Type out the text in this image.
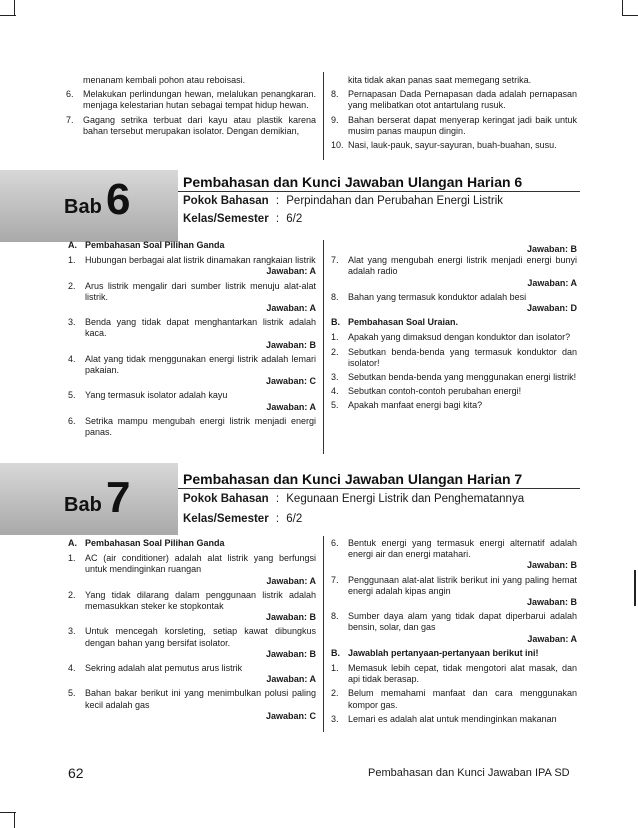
menanam kembali pohon atau reboisasi.
6. Melakukan perlindungan hewan, melalukan penangkaran. menjaga kelestarian hutan sebagai tempat hidup hewan.
7. Gagang setrika terbuat dari kayu atau plastik karena bahan tersebut merupakan isolator. Dengan demikian,
kita tidak akan panas saat memegang setrika.
8. Pernapasan Dada Pernapasan dada adalah pernapasan yang melibatkan otot antartulang rusuk.
9. Bahan berserat dapat menyerap keringat jadi baik untuk musim panas maupun dingin.
10. Nasi, lauk-pauk, sayur-sayuran, buah-buahan, susu.
Bab 6	Pembahasan dan Kunci Jawaban Ulangan Harian 6
Pokok Bahasan : Perpindahan dan Perubahan Energi Listrik
Kelas/Semester : 6/2
A. Pembahasan Soal Pilihan Ganda
1. Hubungan berbagai alat listrik dinamakan rangkaian listrik
Jawaban: A
2. Arus listrik mengalir dari sumber listrik menuju alat-alat listrik.
Jawaban: A
3. Benda yang tidak dapat menghantarkan listrik adalah kaca.
Jawaban: B
4. Alat yang tidak menggunakan energi listrik adalah lemari pakaian.
Jawaban: C
5. Yang termasuk isolator adalah kayu
Jawaban: A
6. Setrika mampu mengubah energi listrik menjadi energi panas.
Jawaban: B
7. Alat yang mengubah energi listrik menjadi energi bunyi adalah radio
Jawaban: A
8. Bahan yang termasuk konduktor adalah besi
Jawaban: D
B. Pembahasan Soal Uraian.
1. Apakah yang dimaksud dengan konduktor dan isolator?
2. Sebutkan benda-benda yang termasuk konduktor dan isolator!
3. Sebutkan benda-benda yang menggunakan energi listrik!
4. Sebutkan contoh-contoh perubahan energi!
5. Apakah manfaat energi bagi kita?
Bab 7	Pembahasan dan Kunci Jawaban Ulangan Harian 7
Pokok Bahasan : Kegunaan Energi Listrik dan Penghematannya
Kelas/Semester : 6/2
A. Pembahasan Soal Pilihan Ganda
1. AC (air conditioner) adalah alat listrik yang berfungsi untuk mendinginkan ruangan
Jawaban: A
2. Yang tidak dilarang dalam penggunaan listrik adalah memasukkan steker ke stopkontak
Jawaban: B
3. Untuk mencegah korsleting, setiap kawat dibungkus dengan bahan yang bersifat isolator.
Jawaban: B
4. Sekring adalah alat pemutus arus listrik
Jawaban: A
5. Bahan bakar berikut ini yang menimbulkan polusi paling kecil adalah gas
Jawaban: C
6. Bentuk energi yang termasuk energi alternatif adalah energi air dan energi matahari.
Jawaban: B
7. Penggunaan alat-alat listrik berikut ini yang paling hemat energi adalah kipas angin
Jawaban: B
8. Sumber daya alam yang tidak dapat diperbarui adalah bensin, solar, dan gas
Jawaban: A
B. Jawablah pertanyaan-pertanyaan berikut ini!
1. Memasuk lebih cepat, tidak mengotori alat masak, dan api tidak berasap.
2. Belum memahami manfaat dan cara menggunakan kompor gas.
3. Lemari es adalah alat untuk mendinginkan makanan
62	Pembahasan dan Kunci Jawaban IPA SD
